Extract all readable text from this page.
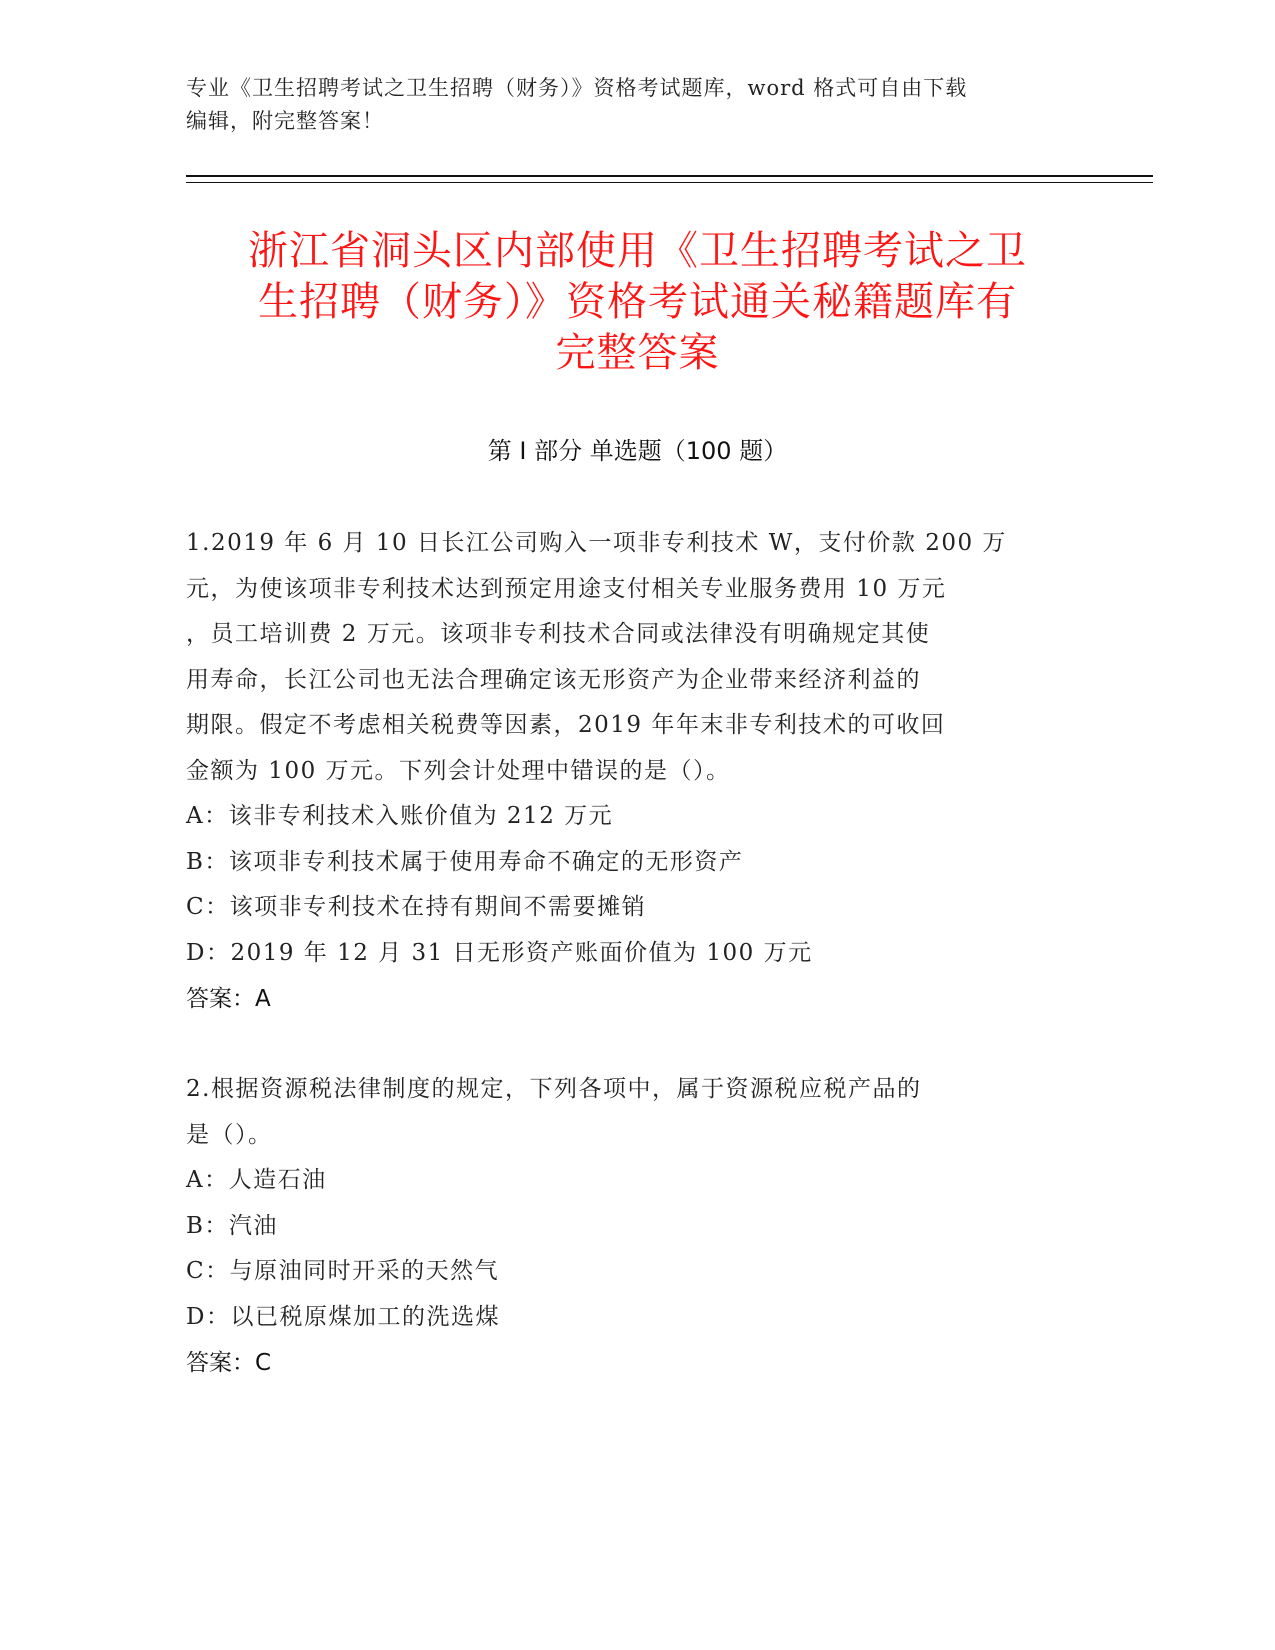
专业《卫生招聘考试之卫生招聘（财务）》资格考试题库，word 格式可自由下载
编辑，附完整答案！
浙江省洞头区内部使用《卫生招聘考试之卫
生招聘（财务）》资格考试通关秘籍题库有
完整答案
第 I 部分 单选题（100 题）
1.2019 年 6 月 10 日长江公司购入一项非专利技术 W，支付价款 200 万
元，为使该项非专利技术达到预定用途支付相关专业服务费用 10 万元
，员工培训费 2 万元。该项非专利技术合同或法律没有明确规定其使
用寿命，长江公司也无法合理确定该无形资产为企业带来经济利益的
期限。假定不考虑相关税费等因素，2019 年年末非专利技术的可收回
金额为 100 万元。下列会计处理中错误的是（）。
A：该非专利技术入账价值为 212 万元
B：该项非专利技术属于使用寿命不确定的无形资产
C：该项非专利技术在持有期间不需要摊销
D：2019 年 12 月 31 日无形资产账面价值为 100 万元
答案：A
2.根据资源税法律制度的规定，下列各项中，属于资源税应税产品的
是（）。
A：人造石油
B：汽油
C：与原油同时开采的天然气
D：以已税原煤加工的洗选煤
答案：C
